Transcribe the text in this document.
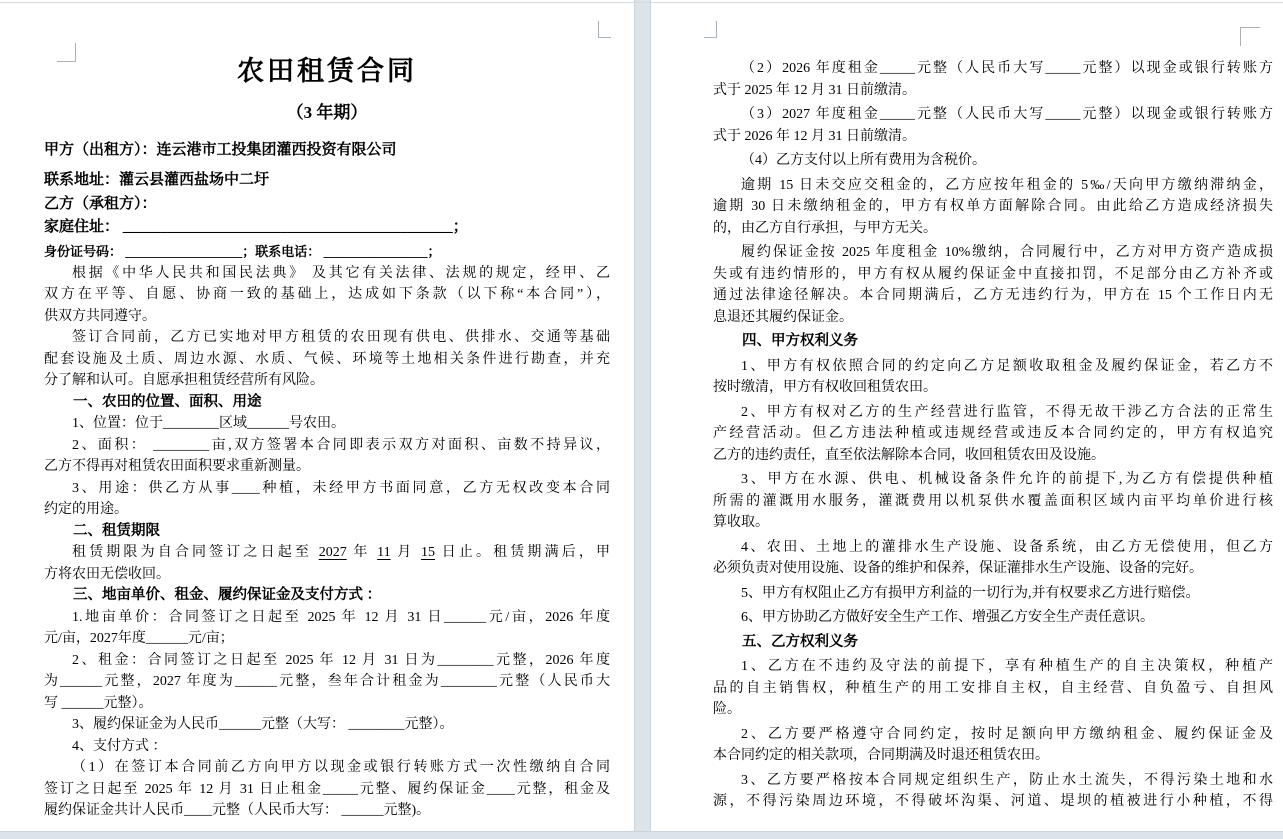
农田租赁合同
（3 年期）
甲方（出租方）：连云港市工投集团灌西投资有限公司
联系地址：灌云县灌西盐场中二圩
乙方（承租方）：
家庭住址： ____________________________________________；
身份证号码： __________________；联系电话： ________________；
根据《中华人民共和国民法典》 及其它有关法律、法规的规定，经甲、乙
双方在平等、自愿、协商一致的基础上，达成如下条款（以下称“本合同”），
供双方共同遵守。
签订合同前，乙方已实地对甲方租赁的农田现有供电、供排水、交通等基础
配套设施及土质、周边水源、水质、气候、环境等土地相关条件进行勘查，并充
分了解和认可。自愿承担租赁经营所有风险。
一、农田的位置、面积、用途
1、位置：位于________区域______号农田。
2、面积： ________亩,双方签署本合同即表示双方对面积、亩数不持异议，
乙方不得再对租赁农田面积要求重新测量。
3、用途：供乙方从事____种植，未经甲方书面同意，乙方无权改变本合同
约定的用途。
二、租赁期限
租赁期限为自合同签订之日起至 2027 年 11 月 15 日止。租赁期满后，甲
方将农田无偿收回。
三、地亩单价、租金、履约保证金及支付方式 ：
1.地亩单价：合同签订之日起至 2025 年 12 月 31 日______元/亩，2026 年度
元/亩，2027年度______元/亩；
2、租金：合同签订之日起至 2025 年 12 月 31 日为________元整，2026 年度
为______元整，2027 年度为______元整，叁年合计租金为________元整（人民币大
写 ______元整）。
3、履约保证金为人民币______元整（大写： ________元整）。
4、支付方式 ：
（1）在签订本合同前乙方向甲方以现金或银行转账方式一次性缴纳自合同
签订之日起至 2025 年 12 月 31 日止租金_____元整、履约保证金____元整，租金及
履约保证金共计人民币____元整（人民币大写： ______元整)。
（2）2026 年度租金_____元整（人民币大写_____元整）以现金或银行转账方
式于 2025 年 12 月 31 日前缴清。
（3）2027 年度租金_____元整（人民币大写_____元整）以现金或银行转账方
式于 2026 年 12 月 31 日前缴清。
（4）乙方支付以上所有费用为含税价。
逾期 15 日未交应交租金的，乙方应按年租金的 5‰/天向甲方缴纳滞纳金，
逾期 30 日未缴纳租金的，甲方有权单方面解除合同。由此给乙方造成经济损失
的，由乙方自行承担，与甲方无关。
履约保证金按 2025 年度租金 10%缴纳，合同履行中，乙方对甲方资产造成损
失或有违约情形的，甲方有权从履约保证金中直接扣罚，不足部分由乙方补齐或
通过法律途径解决。本合同期满后，乙方无违约行为，甲方在 15 个工作日内无
息退还其履约保证金。
四、甲方权利义务
1、甲方有权依照合同的约定向乙方足额收取租金及履约保证金，若乙方不
按时缴清，甲方有权收回租赁农田。
2、甲方有权对乙方的生产经营进行监管，不得无故干涉乙方合法的正常生
产经营活动。但乙方违法种植或违规经营或违反本合同约定的，甲方有权追究
乙方的违约责任，直至依法解除本合同，收回租赁农田及设施。
3、甲方在水源、供电、机械设备条件允许的前提下,为乙方有偿提供种植
所需的灌溉用水服务，灌溉费用以机泵供水覆盖面积区域内亩平均单价进行核
算收取。
4、农田、土地上的灌排水生产设施、设备系统，由乙方无偿使用，但乙方
必须负责对使用设施、设备的维护和保养，保证灌排水生产设施、设备的完好。
5、甲方有权阻止乙方有损甲方利益的一切行为,并有权要求乙方进行赔偿。
6、甲方协助乙方做好安全生产工作、增强乙方安全生产责任意识。
五、乙方权利义务
1、乙方在不违约及守法的前提下，享有种植生产的自主决策权，种植产
品的自主销售权，种植生产的用工安排自主权，自主经营、自负盈亏、自担风
险。
2、乙方要严格遵守合同约定，按时足额向甲方缴纳租金、履约保证金及
本合同约定的相关款项，合同期满及时退还租赁农田。
3、乙方要严格按本合同规定组织生产，防止水土流失，不得污染土地和水
源，不得污染周边环境，不得破坏沟渠、河道、堤坝的植被进行小种植，不得
